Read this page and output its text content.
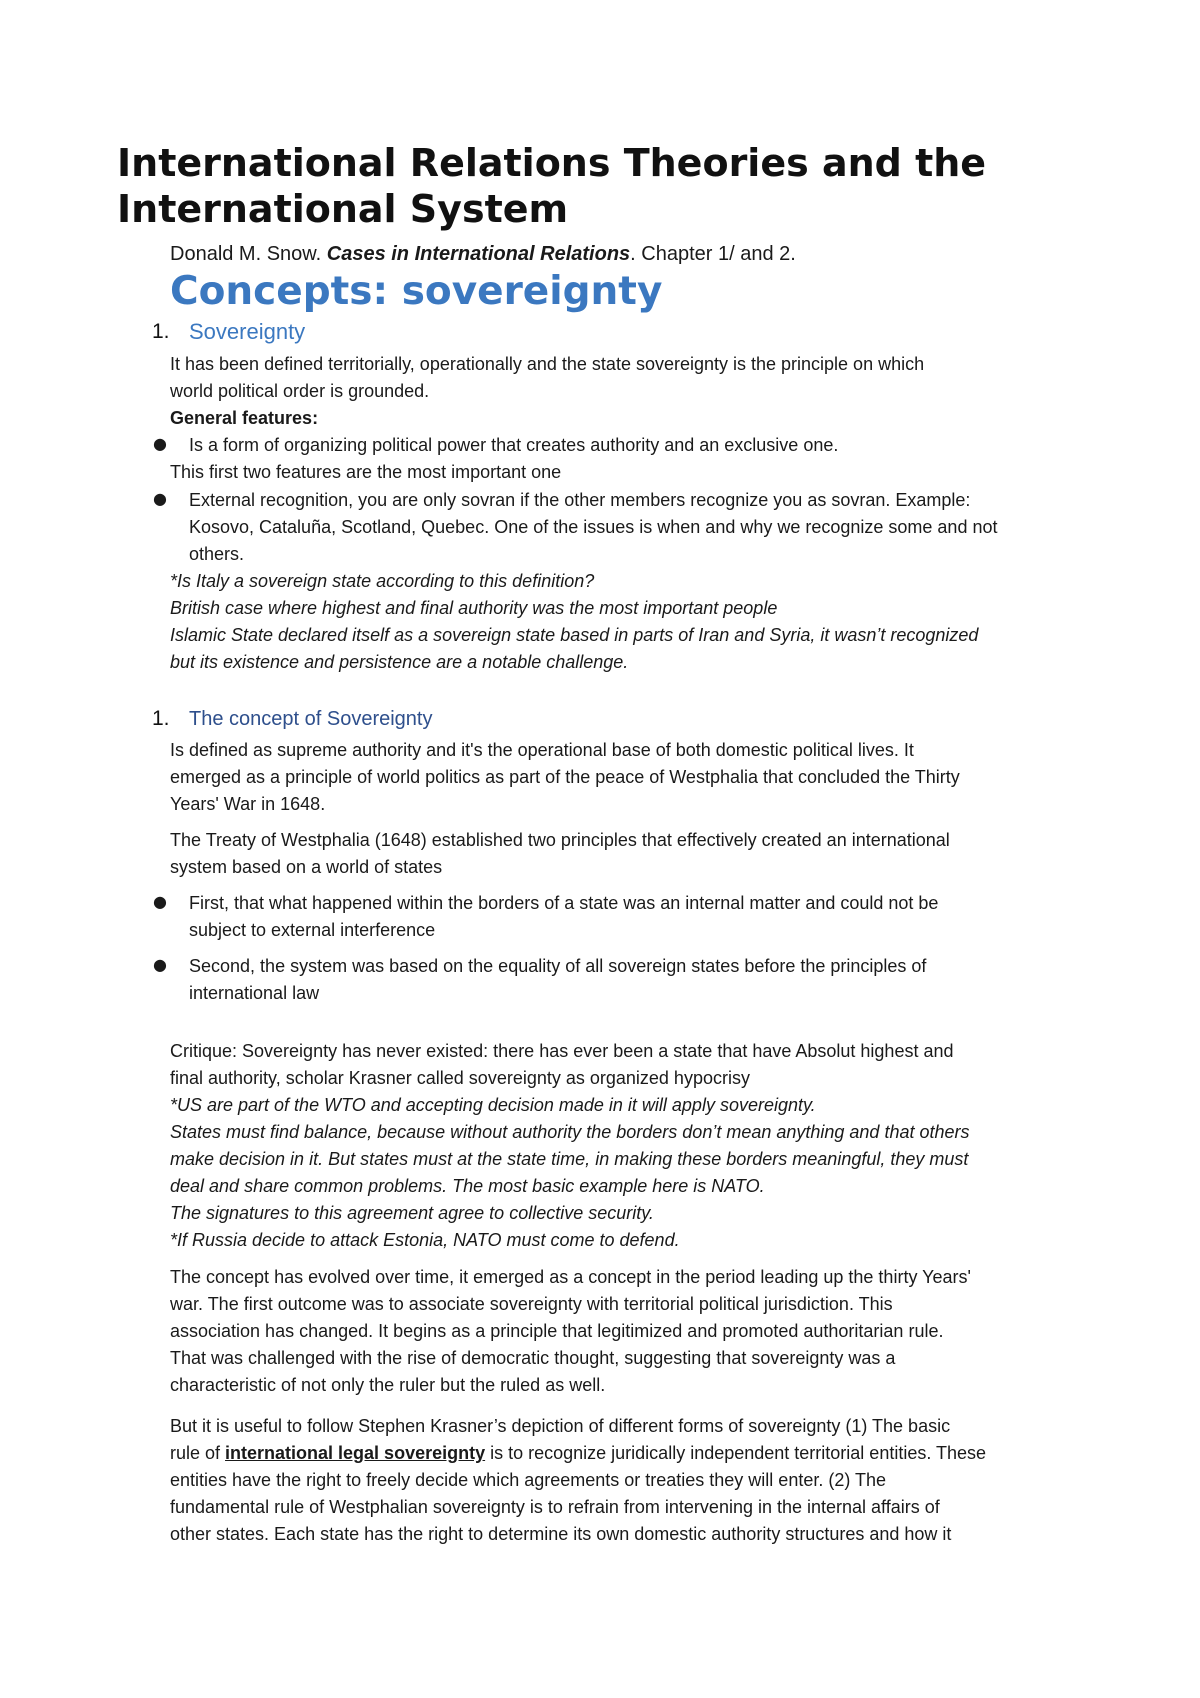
International Relations Theories and the
International System
Donald M. Snow. Cases in International Relations. Chapter 1/ and 2.
Concepts: sovereignty
1. Sovereignty
It has been defined territorially, operationally and the state sovereignty is the principle on which
world political order is grounded.
General features:
● Is a form of organizing political power that creates authority and an exclusive one.
This first two features are the most important one
● External recognition, you are only sovran if the other members recognize you as sovran. Example:
Kosovo, Cataluña, Scotland, Quebec. One of the issues is when and why we recognize some and not
others.
*Is Italy a sovereign state according to this definition?
British case where highest and final authority was the most important people
Islamic State declared itself as a sovereign state based in parts of Iran and Syria, it wasn’t recognized
but its existence and persistence are a notable challenge.
1. The concept of Sovereignty
Is defined as supreme authority and it's the operational base of both domestic political lives. It
emerged as a principle of world politics as part of the peace of Westphalia that concluded the Thirty
Years' War in 1648.
The Treaty of Westphalia (1648) established two principles that effectively created an international
system based on a world of states
● First, that what happened within the borders of a state was an internal matter and could not be
subject to external interference
● Second, the system was based on the equality of all sovereign states before the principles of
international law
Critique: Sovereignty has never existed: there has ever been a state that have Absolut highest and
final authority, scholar Krasner called sovereignty as organized hypocrisy
*US are part of the WTO and accepting decision made in it will apply sovereignty.
States must find balance, because without authority the borders don’t mean anything and that others
make decision in it. But states must at the state time, in making these borders meaningful, they must
deal and share common problems. The most basic example here is NATO.
The signatures to this agreement agree to collective security.
*If Russia decide to attack Estonia, NATO must come to defend.
The concept has evolved over time, it emerged as a concept in the period leading up the thirty Years'
war. The first outcome was to associate sovereignty with territorial political jurisdiction. This
association has changed. It begins as a principle that legitimized and promoted authoritarian rule.
That was challenged with the rise of democratic thought, suggesting that sovereignty was a
characteristic of not only the ruler but the ruled as well.
But it is useful to follow Stephen Krasner’s depiction of different forms of sovereignty (1) The basic
rule of international legal sovereignty is to recognize juridically independent territorial entities. These
entities have the right to freely decide which agreements or treaties they will enter. (2) The
fundamental rule of Westphalian sovereignty is to refrain from intervening in the internal affairs of
other states. Each state has the right to determine its own domestic authority structures and how it
